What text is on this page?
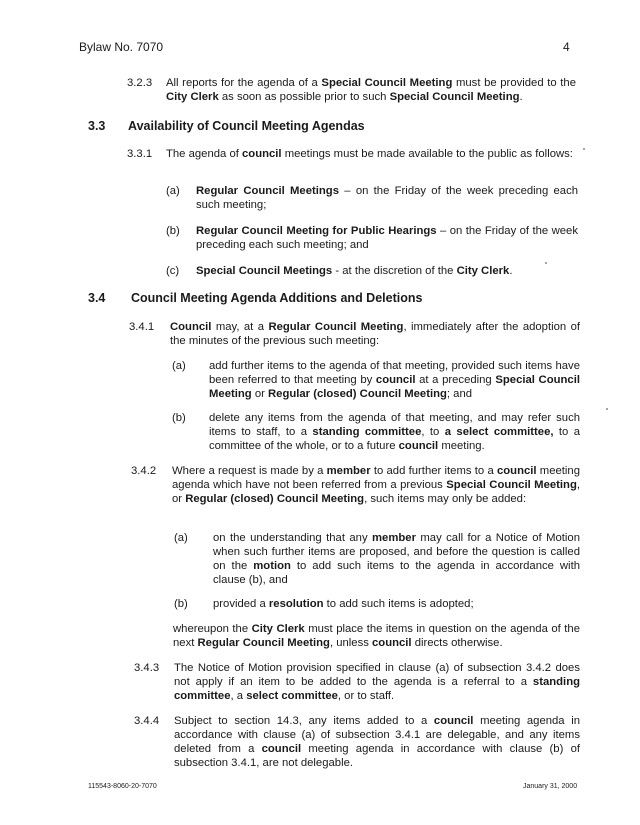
Bylaw No. 7070	4
3.2.3 All reports for the agenda of a Special Council Meeting must be provided to the City Clerk as soon as possible prior to such Special Council Meeting.
3.3 Availability of Council Meeting Agendas
3.3.1 The agenda of council meetings must be made available to the public as follows:
(a) Regular Council Meetings – on the Friday of the week preceding each such meeting;
(b) Regular Council Meeting for Public Hearings – on the Friday of the week preceding each such meeting; and
(c) Special Council Meetings - at the discretion of the City Clerk.
3.4 Council Meeting Agenda Additions and Deletions
3.4.1 Council may, at a Regular Council Meeting, immediately after the adoption of the minutes of the previous such meeting:
(a) add further items to the agenda of that meeting, provided such items have been referred to that meeting by council at a preceding Special Council Meeting or Regular (closed) Council Meeting; and
(b) delete any items from the agenda of that meeting, and may refer such items to staff, to a standing committee, to a select committee, to a committee of the whole, or to a future council meeting.
3.4.2 Where a request is made by a member to add further items to a council meeting agenda which have not been referred from a previous Special Council Meeting, or Regular (closed) Council Meeting, such items may only be added:
(a) on the understanding that any member may call for a Notice of Motion when such further items are proposed, and before the question is called on the motion to add such items to the agenda in accordance with clause (b), and
(b) provided a resolution to add such items is adopted;
whereupon the City Clerk must place the items in question on the agenda of the next Regular Council Meeting, unless council directs otherwise.
3.4.3 The Notice of Motion provision specified in clause (a) of subsection 3.4.2 does not apply if an item to be added to the agenda is a referral to a standing committee, a select committee, or to staff.
3.4.4 Subject to section 14.3, any items added to a council meeting agenda in accordance with clause (a) of subsection 3.4.1 are delegable, and any items deleted from a council meeting agenda in accordance with clause (b) of subsection 3.4.1, are not delegable.
115543-8060-20-7070	January 31, 2000
